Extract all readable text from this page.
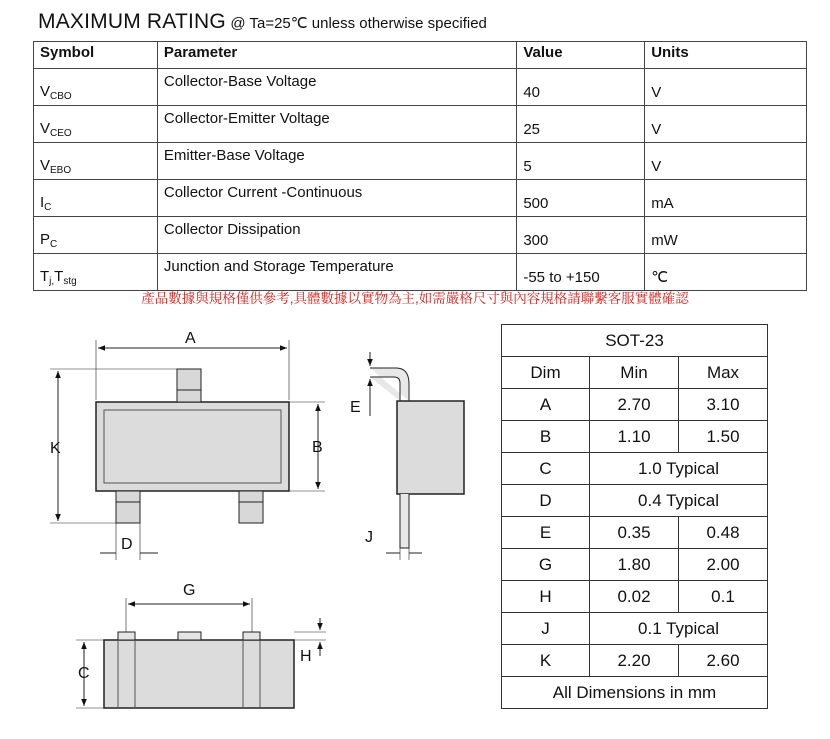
MAXIMUM RATING @ Ta=25℃ unless otherwise specified
Symbol	Parameter	Value	Units
$V_{CBO}$	Collector-Base Voltage	40	V
$V_{CEO}$	Collector-Emitter Voltage	25	V
$V_{EBO}$	Emitter-Base Voltage	5	V
$I_C$	Collector Current -Continuous	500	mA
$P_C$	Collector Dissipation	300	mW
$T_{j,}T_{stg}$	Junction and Storage Temperature	-55 to +150	℃
產品數據與規格僅供參考,具體數據以實物為主,如需嚴格尺寸與內容規格請聯繫客服實體確認
A
K	B
D
E
J
G
C
H
SOT-23		
Dim	Min	Max
A	2.70	3.10
B	1.10	1.50
C	1.0 Typical	
D	0.4 Typical	
E	0.35	0.48
G	1.80	2.00
H	0.02	0.1
J	0.1 Typical	
K	2.20	2.60
All Dimensions in mm		
